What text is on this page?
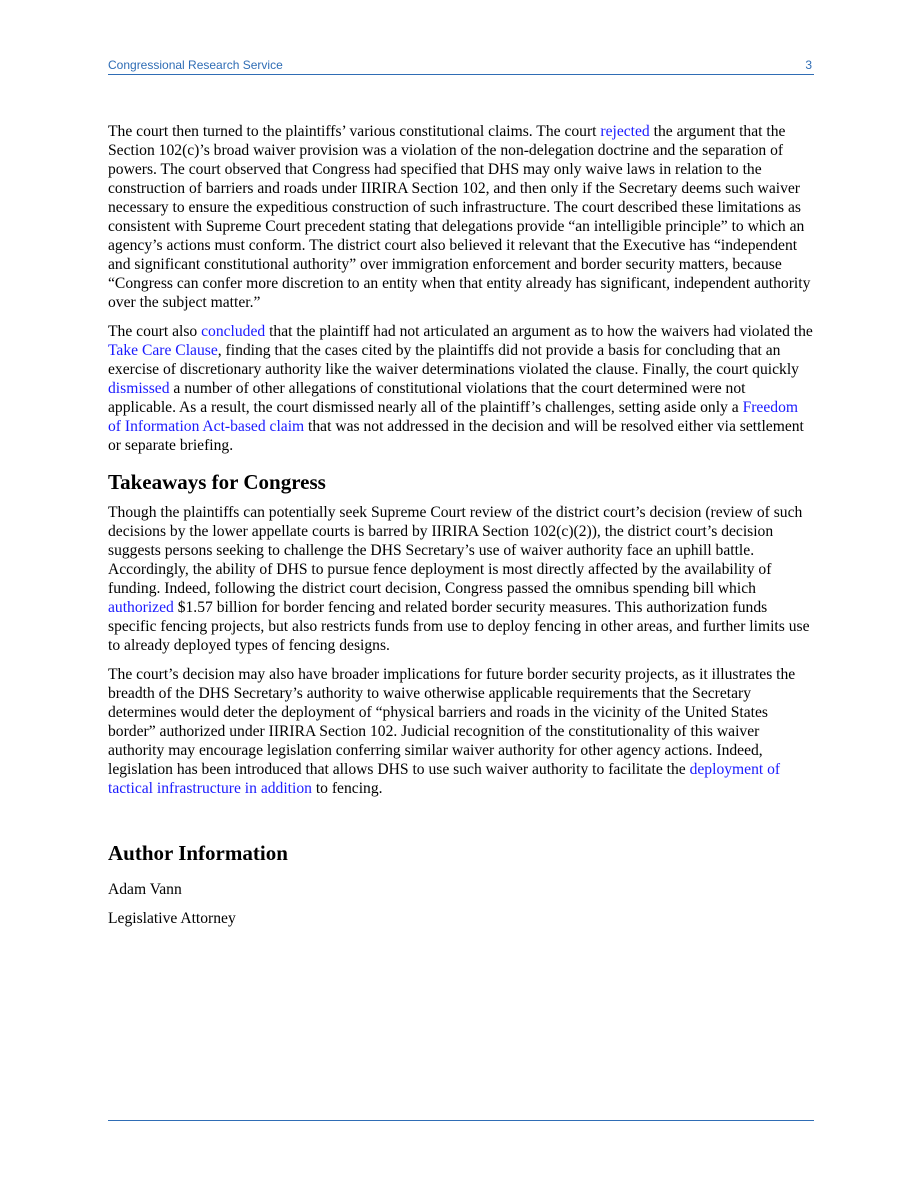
Congressional Research Service	3

The court then turned to the plaintiffs’ various constitutional claims. The court rejected the argument that the Section 102(c)’s broad waiver provision was a violation of the non-delegation doctrine and the separation of powers. The court observed that Congress had specified that DHS may only waive laws in relation to the construction of barriers and roads under IIRIRA Section 102, and then only if the Secretary deems such waiver necessary to ensure the expeditious construction of such infrastructure. The court described these limitations as consistent with Supreme Court precedent stating that delegations provide “an intelligible principle” to which an agency’s actions must conform. The district court also believed it relevant that the Executive has “independent and significant constitutional authority” over immigration enforcement and border security matters, because “Congress can confer more discretion to an entity when that entity already has significant, independent authority over the subject matter.”

The court also concluded that the plaintiff had not articulated an argument as to how the waivers had violated the Take Care Clause, finding that the cases cited by the plaintiffs did not provide a basis for concluding that an exercise of discretionary authority like the waiver determinations violated the clause. Finally, the court quickly dismissed a number of other allegations of constitutional violations that the court determined were not applicable. As a result, the court dismissed nearly all of the plaintiff’s challenges, setting aside only a Freedom of Information Act-based claim that was not addressed in the decision and will be resolved either via settlement or separate briefing.

Takeaways for Congress

Though the plaintiffs can potentially seek Supreme Court review of the district court’s decision (review of such decisions by the lower appellate courts is barred by IIRIRA Section 102(c)(2)), the district court’s decision suggests persons seeking to challenge the DHS Secretary’s use of waiver authority face an uphill battle. Accordingly, the ability of DHS to pursue fence deployment is most directly affected by the availability of funding. Indeed, following the district court decision, Congress passed the omnibus spending bill which authorized $1.57 billion for border fencing and related border security measures. This authorization funds specific fencing projects, but also restricts funds from use to deploy fencing in other areas, and further limits use to already deployed types of fencing designs.

The court’s decision may also have broader implications for future border security projects, as it illustrates the breadth of the DHS Secretary’s authority to waive otherwise applicable requirements that the Secretary determines would deter the deployment of “physical barriers and roads in the vicinity of the United States border” authorized under IIRIRA Section 102. Judicial recognition of the constitutionality of this waiver authority may encourage legislation conferring similar waiver authority for other agency actions. Indeed, legislation has been introduced that allows DHS to use such waiver authority to facilitate the deployment of tactical infrastructure in addition to fencing.

Author Information

Adam Vann

Legislative Attorney
